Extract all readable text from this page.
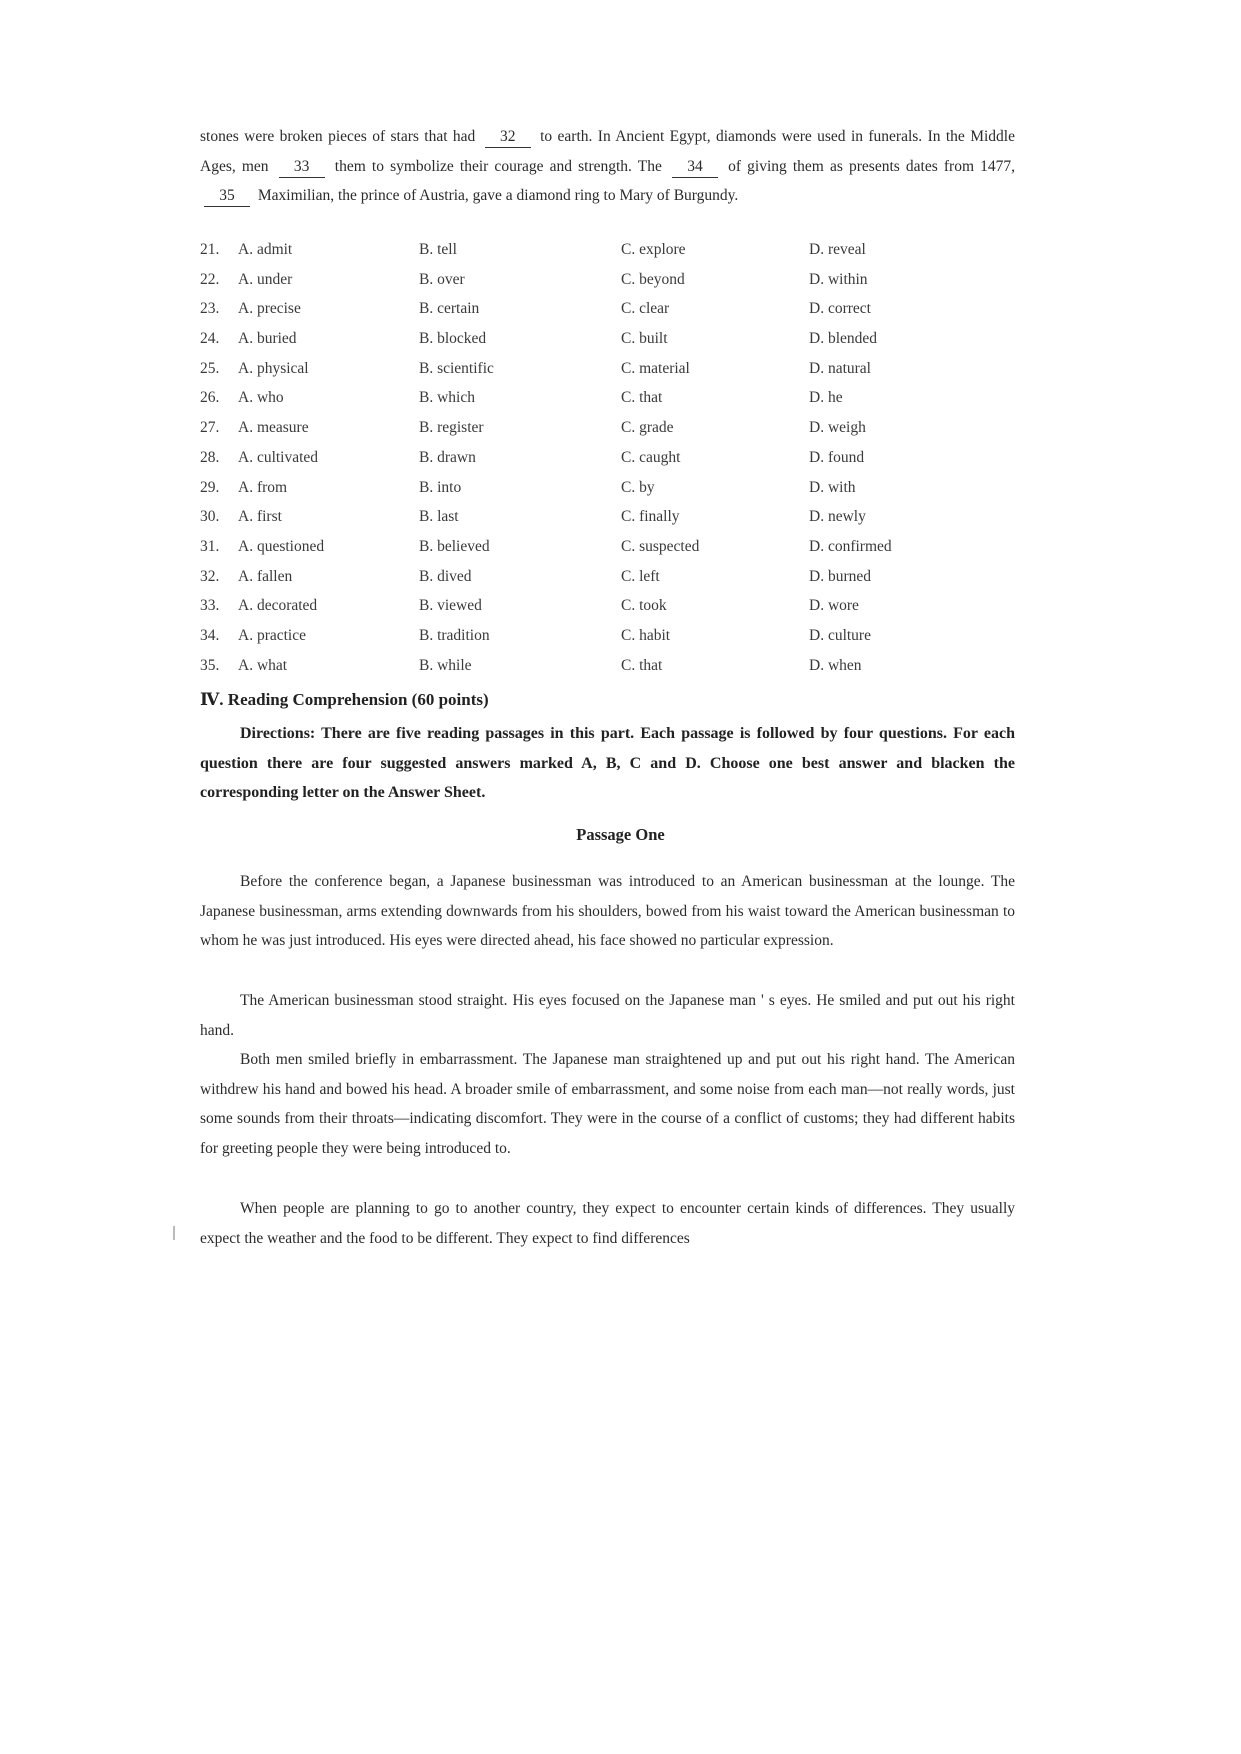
stones were broken pieces of stars that had 32 to earth. In Ancient Egypt, diamonds were used in funerals. In the Middle Ages, men 33 them to symbolize their courage and strength. The 34 of giving them as presents dates from 1477, 35 Maximilian, the prince of Austria, gave a diamond ring to Mary of Burgundy.

21. A. admit	B. tell	C. explore	D. reveal
22. A. under	B. over	C. beyond	D. within
23. A. precise	B. certain	C. clear	D. correct
24. A. buried	B. blocked	C. built	D. blended
25. A. physical	B. scientific	C. material	D. natural
26. A. who	B. which	C. that	D. he
27. A. measure	B. register	C. grade	D. weigh
28. A. cultivated	B. drawn	C. caught	D. found
29. A. from	B. into	C. by	D. with
30. A. first	B. last	C. finally	D. newly
31. A. questioned	B. believed	C. suspected	D. confirmed
32. A. fallen	B. dived	C. left	D. burned
33. A. decorated	B. viewed	C. took	D. wore
34. A. practice	B. tradition	C. habit	D. culture
35. A. what	B. while	C. that	D. when
Ⅳ. Reading Comprehension (60 points)

Directions: There are five reading passages in this part. Each passage is followed by four questions. For each question there are four suggested answers marked A, B, C and D. Choose one best answer and blacken the corresponding letter on the Answer Sheet.

Passage One

Before the conference began, a Japanese businessman was introduced to an American businessman at the lounge. The Japanese businessman, arms extending downwards from his shoulders, bowed from his waist toward the American businessman to whom he was just introduced. His eyes were directed ahead, his face showed no particular expression.

The American businessman stood straight. His eyes focused on the Japanese man ' s eyes. He smiled and put out his right hand.

Both men smiled briefly in embarrassment. The Japanese man straightened up and put out his right hand. The American withdrew his hand and bowed his head. A broader smile of embarrassment, and some noise from each man—not really words, just some sounds from their throats—indicating discomfort. They were in the course of a conflict of customs; they had different habits for greeting people they were being introduced to.

When people are planning to go to another country, they expect to encounter certain kinds of differences. They usually expect the weather and the food to be different. They expect to find differences
